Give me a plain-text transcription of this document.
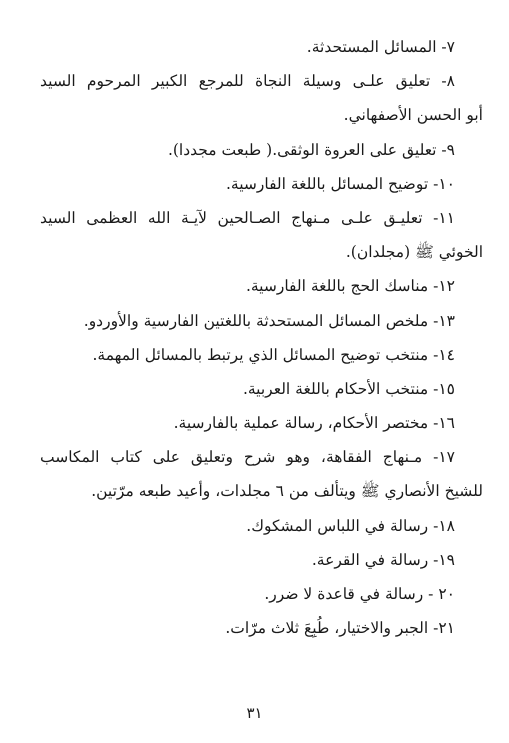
٧- المسائل المستحدثة.
٨- تعليق علـى وسيلة النجاة للمرجع الكبير المرحوم السيد
أبو الحسن الأصفهاني.
٩- تعليق على العروة الوثقى.( طبعت مجددا).
١٠- توضيح المسائل باللغة الفارسية.
١١- تعليـق علـى مـنهاج الصـالحين لآيـة الله العظمى السيد
الخوئي ﷺ (مجلدان).
١٢- مناسك الحج باللغة الفارسية.
١٣- ملخص المسائل المستحدثة باللغتين الفارسية والأوردو.
١٤- منتخب توضيح المسائل الذي يرتبط بالمسائل المهمة.
١٥- منتخب الأحكام باللغة العربية.
١٦- مختصر الأحكام، رسالة عملية بالفارسية.
١٧- مـنهاج الفقاهة، وهو شرح وتعليق على كتاب المكاسب
للشيخ الأنصاري ﷺ ويتألف من ٦ مجلدات، وأعيد طبعه مرّتين.
١٨- رسالة في اللباس المشكوك.
١٩- رسالة في القرعة.
٢٠ - رسالة في قاعدة لا ضرر.
٢١- الجبر والاختيار، طُبِعَ ثلاث مرّات.
٣١
